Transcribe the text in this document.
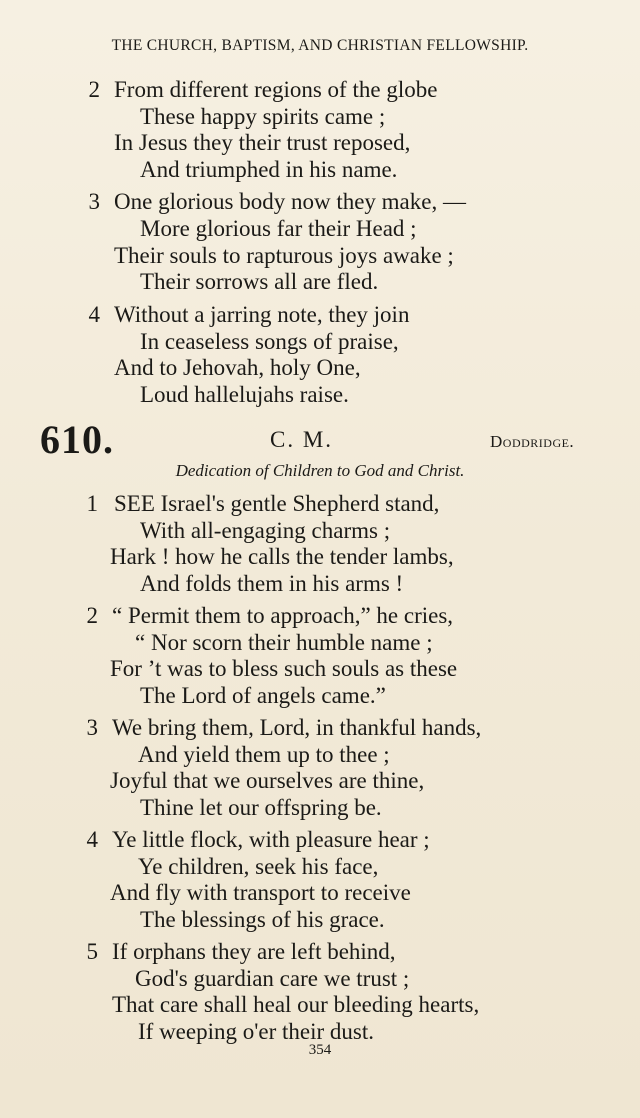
THE CHURCH, BAPTISM, AND CHRISTIAN FELLOWSHIP.
2 From different regions of the globe
These happy spirits came ;
In Jesus they their trust reposed,
And triumphed in his name.
3 One glorious body now they make, —
More glorious far their Head ;
Their souls to rapturous joys awake ;
Their sorrows all are fled.
4 Without a jarring note, they join
In ceaseless songs of praise,
And to Jehovah, holy One,
Loud hallelujahs raise.
610.	C. M.	Doddridge.
Dedication of Children to God and Christ.
1 SEE Israel's gentle Shepherd stand,
With all-engaging charms ;
Hark ! how he calls the tender lambs,
And folds them in his arms !
2 “ Permit them to approach,” he cries,
“ Nor scorn their humble name ;
For ’t was to bless such souls as these
The Lord of angels came.”
3 We bring them, Lord, in thankful hands,
And yield them up to thee ;
Joyful that we ourselves are thine,
Thine let our offspring be.
4 Ye little flock, with pleasure hear ;
Ye children, seek his face,
And fly with transport to receive
The blessings of his grace.
5 If orphans they are left behind,
God's guardian care we trust ;
That care shall heal our bleeding hearts,
If weeping o'er their dust.
354
